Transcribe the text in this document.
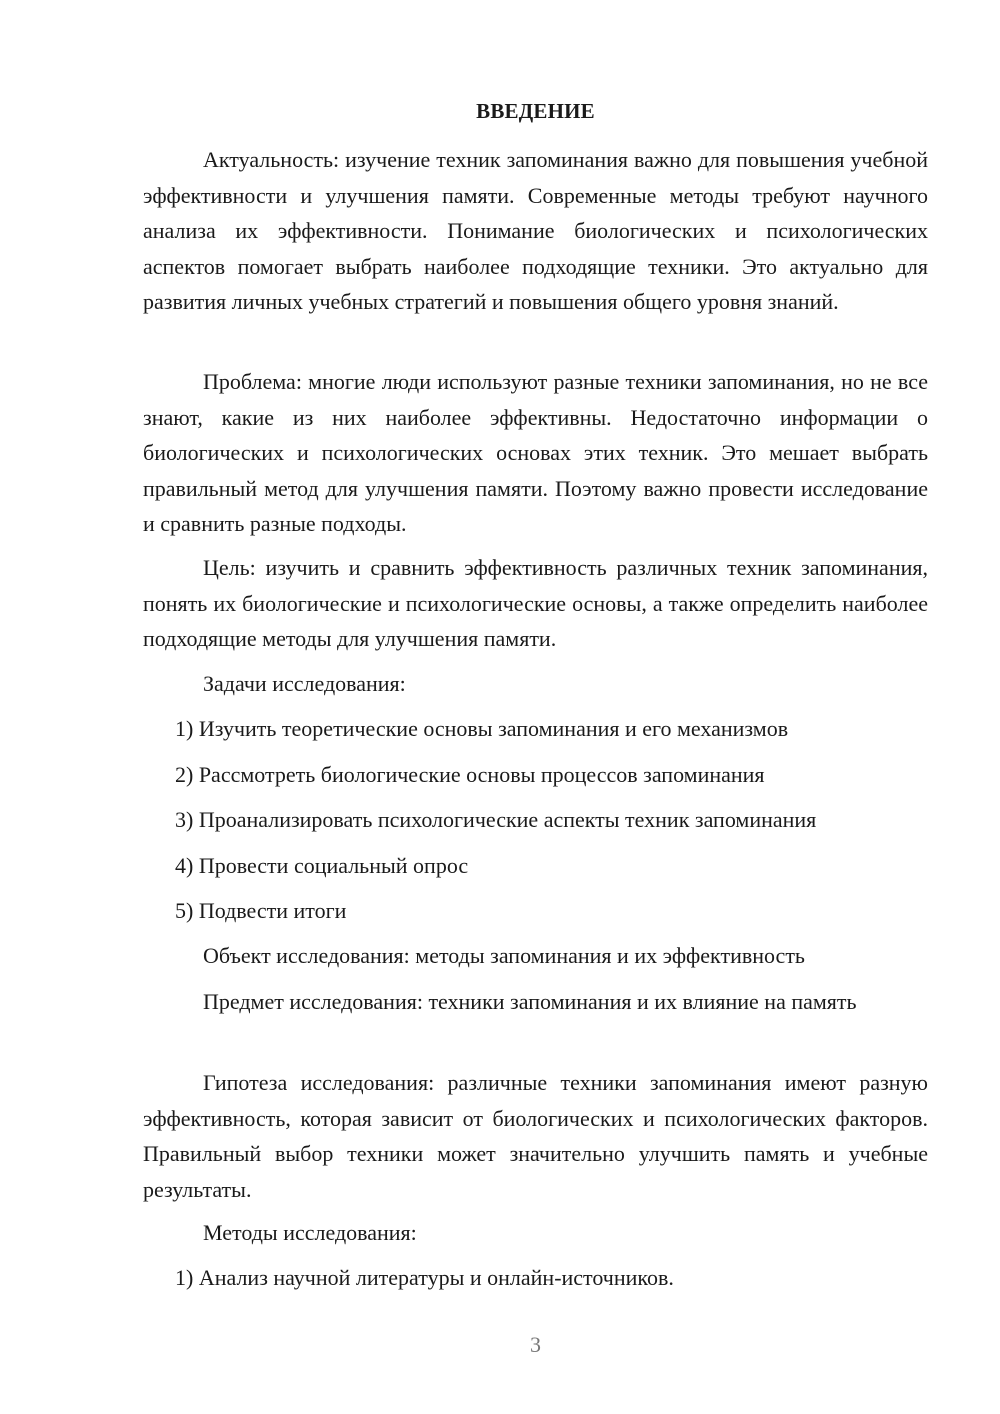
ВВЕДЕНИЕ

Актуальность: изучение техник запоминания важно для повышения учебной эффективности и улучшения памяти. Современные методы требуют научного анализа их эффективности. Понимание биологических и психологических аспектов помогает выбрать наиболее подходящие техники. Это актуально для развития личных учебных стратегий и повышения общего уровня знаний.

Проблема: многие люди используют разные техники запоминания, но не все знают, какие из них наиболее эффективны. Недостаточно информации о биологических и психологических основах этих техник. Это мешает выбрать правильный метод для улучшения памяти. Поэтому важно провести исследование и сравнить разные подходы.

Цель: изучить и сравнить эффективность различных техник запоминания, понять их биологические и психологические основы, а также определить наиболее подходящие методы для улучшения памяти.

Задачи исследования:

1) Изучить теоретические основы запоминания и его механизмов

2) Рассмотреть биологические основы процессов запоминания

3) Проанализировать психологические аспекты техник запоминания

4) Провести социальный опрос

5) Подвести итоги

Объект исследования: методы запоминания и их эффективность

Предмет исследования: техники запоминания и их влияние на память

Гипотеза исследования: различные техники запоминания имеют разную эффективность, которая зависит от биологических и психологических факторов. Правильный выбор техники может значительно улучшить память и учебные результаты.

Методы исследования:

1) Анализ научной литературы и онлайн-источников.

3
